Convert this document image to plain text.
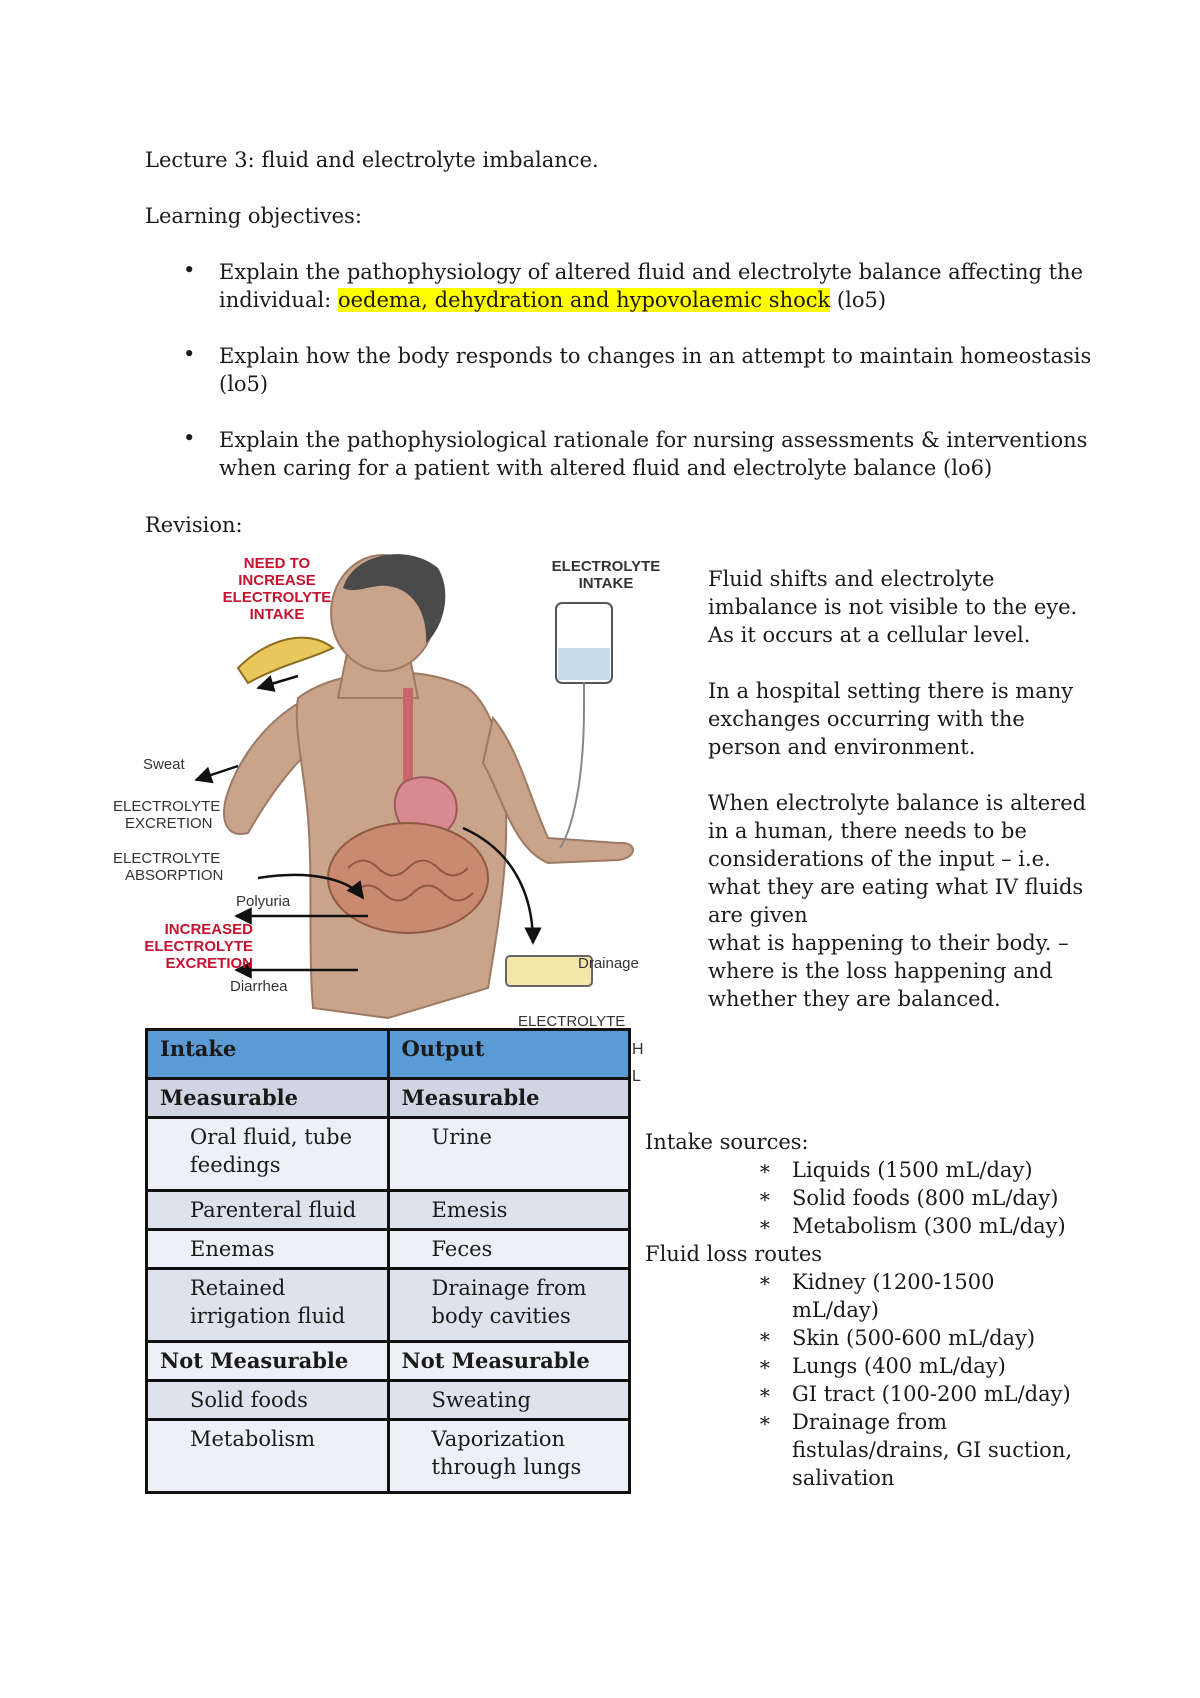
Lecture 3: fluid and electrolyte imbalance.
Learning objectives:
• Explain the pathophysiology of altered fluid and electrolyte balance affecting the
individual: oedema, dehydration and hypovolaemic shock (lo5)
• Explain how the body responds to changes in an attempt to maintain homeostasis
(lo5)
• Explain the pathophysiological rationale for nursing assessments & interventions
when caring for a patient with altered fluid and electrolyte balance (lo6)
Revision:
NEED TO
INCREASE
ELECTROLYTE
INTAKE
ELECTROLYTE
INTAKE
Sweat
ELECTROLYTE
EXCRETION
ELECTROLYTE
ABSORPTION
Polyuria
Diarrhea
Drainage
ELECTROLYTE
INCREASED
ELECTROLYTE
EXCRETION
H
L
Fluid shifts and electrolyte
imbalance is not visible to the eye.
As it occurs at a cellular level.
In a hospital setting there is many
exchanges occurring with the
person and environment.
When electrolyte balance is altered
in a human, there needs to be
considerations of the input – i.e.
what they are eating what IV fluids
are given
what is happening to their body. –
where is the loss happening and
whether they are balanced.
Intake	Output
Measurable	Measurable
Oral fluid, tube feedings	Urine
Parenteral fluid	Emesis
Enemas	Feces
Retained irrigation fluid	Drainage from body cavities
Not Measurable	Not Measurable
Solid foods	Sweating
Metabolism	Vaporization through lungs
Intake sources:
∗ Liquids (1500 mL/day)
∗ Solid foods (800 mL/day)
∗ Metabolism (300 mL/day)
Fluid loss routes
∗ Kidney (1200-1500
mL/day)
∗ Skin (500-600 mL/day)
∗ Lungs (400 mL/day)
∗ GI tract (100-200 mL/day)
∗ Drainage from
fistulas/drains, GI suction,
salivation
